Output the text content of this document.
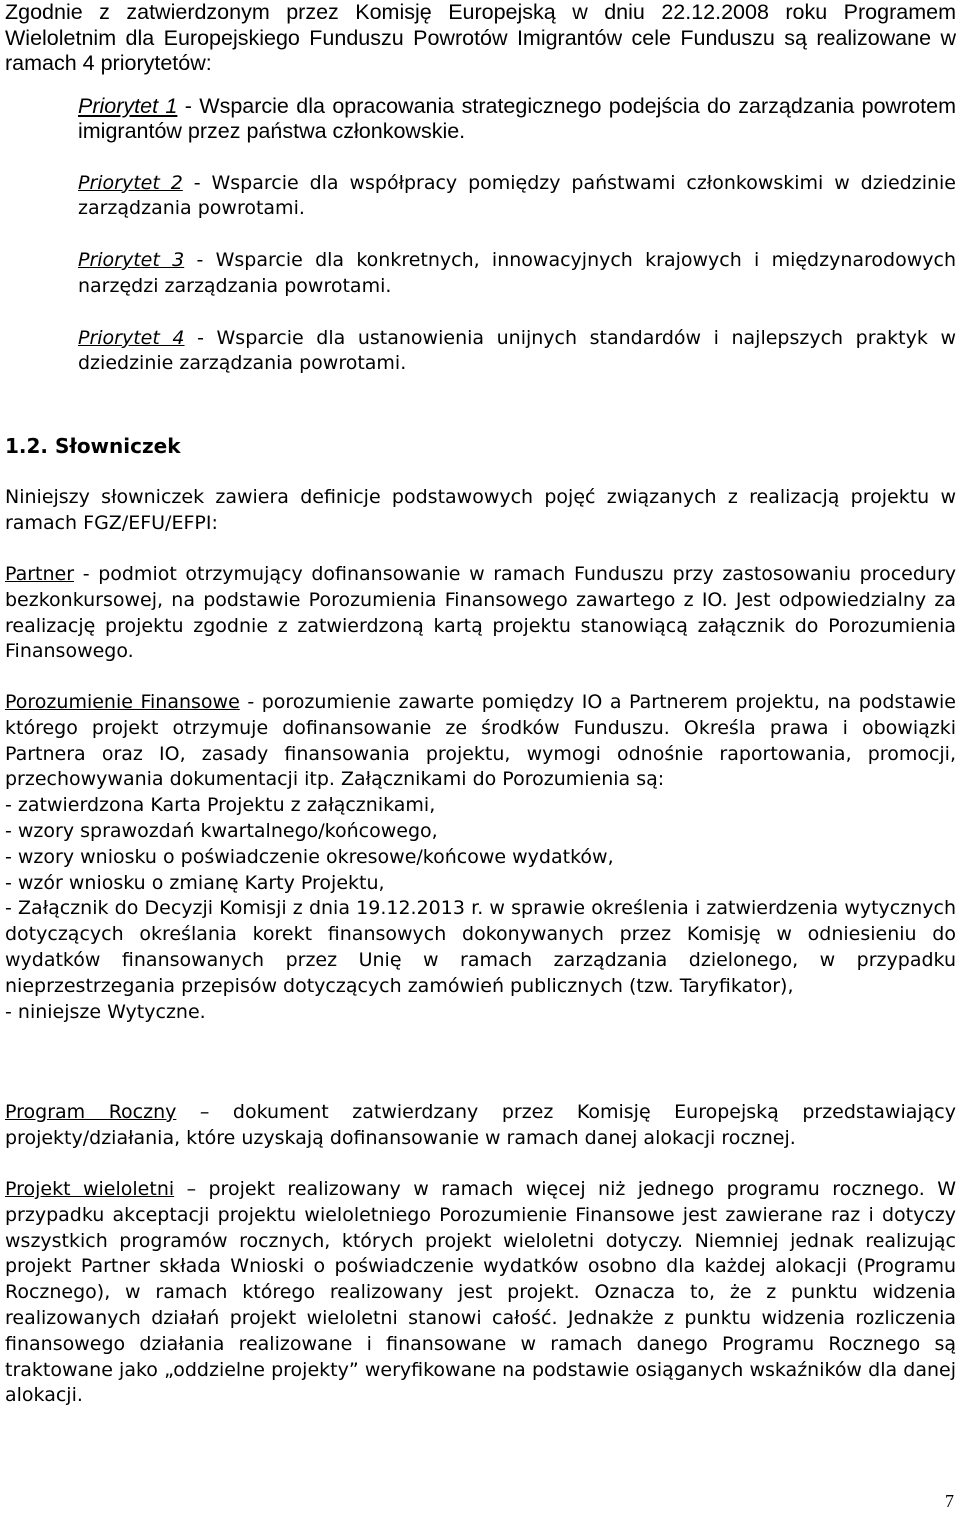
Zgodnie z zatwierdzonym przez Komisję Europejską w dniu 22.12.2008 roku Programem Wieloletnim dla Europejskiego Funduszu Powrotów Imigrantów cele Funduszu są realizowane w ramach 4 priorytetów:

Priorytet 1 - Wsparcie dla opracowania strategicznego podejścia do zarządzania powrotem imigrantów przez państwa członkowskie.

Priorytet 2 - Wsparcie dla współpracy pomiędzy państwami członkowskimi w dziedzinie zarządzania powrotami.

Priorytet 3 - Wsparcie dla konkretnych, innowacyjnych krajowych i międzynarodowych narzędzi zarządzania powrotami.

Priorytet 4 - Wsparcie dla ustanowienia unijnych standardów i najlepszych praktyk w dziedzinie zarządzania powrotami.

1.2. Słowniczek

Niniejszy słowniczek zawiera definicje podstawowych pojęć związanych z realizacją projektu w ramach FGZ/EFU/EFPI:

Partner - podmiot otrzymujący dofinansowanie w ramach Funduszu przy zastosowaniu procedury bezkonkursowej, na podstawie Porozumienia Finansowego zawartego z IO. Jest odpowiedzialny za realizację projektu zgodnie z zatwierdzoną kartą projektu stanowiącą załącznik do Porozumienia Finansowego.

Porozumienie Finansowe - porozumienie zawarte pomiędzy IO a Partnerem projektu, na podstawie którego projekt otrzymuje dofinansowanie ze środków Funduszu. Określa prawa i obowiązki Partnera oraz IO, zasady finansowania projektu, wymogi odnośnie raportowania, promocji, przechowywania dokumentacji itp. Załącznikami do Porozumienia są:

- zatwierdzona Karta Projektu z załącznikami,

- wzory sprawozdań kwartalnego/końcowego,

- wzory wniosku o poświadczenie okresowe/końcowe wydatków,

- wzór wniosku o zmianę Karty Projektu,

- Załącznik do Decyzji Komisji z dnia 19.12.2013 r. w sprawie określenia i zatwierdzenia wytycznych dotyczących określania korekt finansowych dokonywanych przez Komisję w odniesieniu do wydatków finansowanych przez Unię w ramach zarządzania dzielonego, w przypadku nieprzestrzegania przepisów dotyczących zamówień publicznych (tzw. Taryfikator),

- niniejsze Wytyczne.

Program Roczny – dokument zatwierdzany przez Komisję Europejską przedstawiający projekty/działania, które uzyskają dofinansowanie w ramach danej alokacji rocznej.

Projekt wieloletni – projekt realizowany w ramach więcej niż jednego programu rocznego. W przypadku akceptacji projektu wieloletniego Porozumienie Finansowe jest zawierane raz i dotyczy wszystkich programów rocznych, których projekt wieloletni dotyczy. Niemniej jednak realizując projekt Partner składa Wnioski o poświadczenie wydatków osobno dla każdej alokacji (Programu Rocznego), w ramach którego realizowany jest projekt. Oznacza to, że z punktu widzenia realizowanych działań projekt wieloletni stanowi całość. Jednakże z punktu widzenia rozliczenia finansowego działania realizowane i finansowane w ramach danego Programu Rocznego są traktowane jako „oddzielne projekty” weryfikowane na podstawie osiąganych wskaźników dla danej alokacji.

7
